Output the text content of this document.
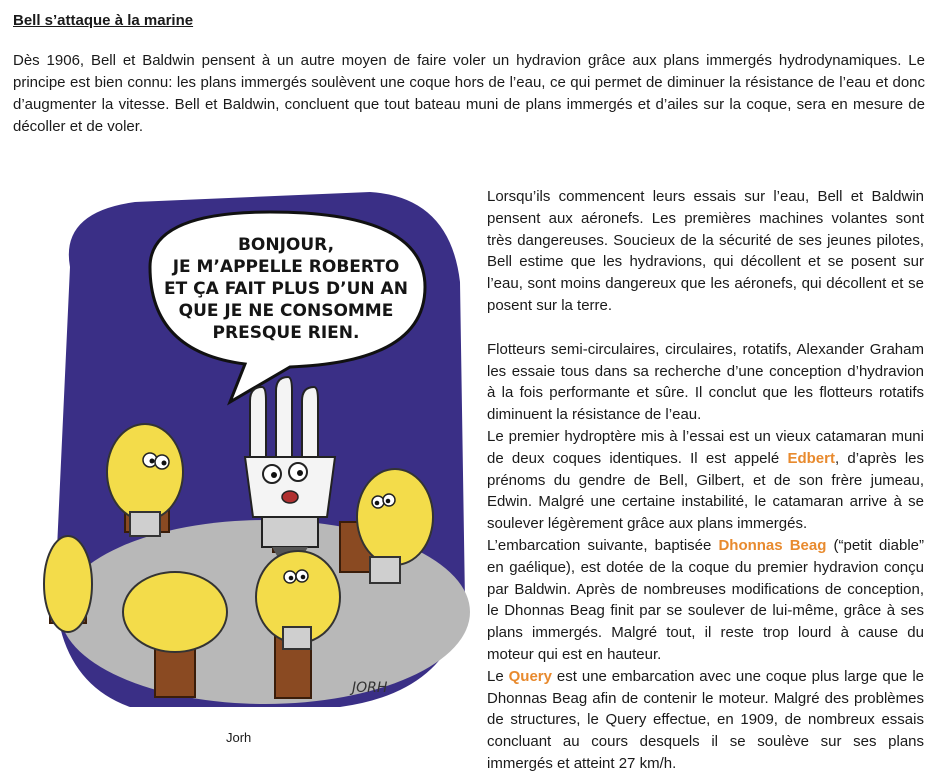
Bell s’attaque à la marine

Dès 1906, Bell et Baldwin pensent à un autre moyen de faire voler un hydravion grâce aux plans immergés hydrodynamiques. Le principe est bien connu: les plans immergés soulèvent une coque hors de l’eau, ce qui permet de diminuer la résistance de l’eau et donc d’augmenter la vitesse. Bell et Baldwin, concluent que tout bateau muni de plans immergés et d’ailes sur la coque, sera en mesure de décoller et de voler.

BONJOUR,
JE M’APPELLE ROBERTO
ET ÇA FAIT PLUS D’UN AN
QUE JE NE CONSOMME
PRESQUE RIEN.
JORH
Jorh

Lorsqu’ils commencent leurs essais sur l’eau, Bell et Baldwin pensent aux aéronefs. Les premières machines volantes sont très dangereuses. Soucieux de la sécurité de ses jeunes pilotes, Bell estime que les hydravions, qui décollent et se posent sur l’eau, sont moins dangereux que les aéronefs, qui décollent et se posent sur la terre.

Flotteurs semi-circulaires, circulaires, rotatifs, Alexander Graham les essaie tous dans sa recherche d’une conception d’hydravion à la fois performante et sûre. Il conclut que les flotteurs rotatifs diminuent la résistance de l’eau.

Le premier hydroptère mis à l’essai est un vieux catamaran muni de deux coques identiques. Il est appelé Edbert, d’après les prénoms du gendre de Bell, Gilbert, et de son frère jumeau, Edwin. Malgré une certaine instabilité, le catamaran arrive à se soulever légèrement grâce aux plans immergés.

L’embarcation suivante, baptisée Dhonnas Beag (“petit diable” en gaélique), est dotée de la coque du premier hydravion conçu par Baldwin. Après de nombreuses modifications de conception, le Dhonnas Beag finit par se soulever de lui-même, grâce à ses plans immergés. Malgré tout, il reste trop lourd à cause du moteur qui est en hauteur.

Le Query est une embarcation avec une coque plus large que le Dhonnas Beag afin de contenir le moteur. Malgré des problèmes de structures, le Query effectue, en 1909, de nombreux essais concluant au cours desquels il se soulève sur ses plans immergés et atteint 27 km/h.
